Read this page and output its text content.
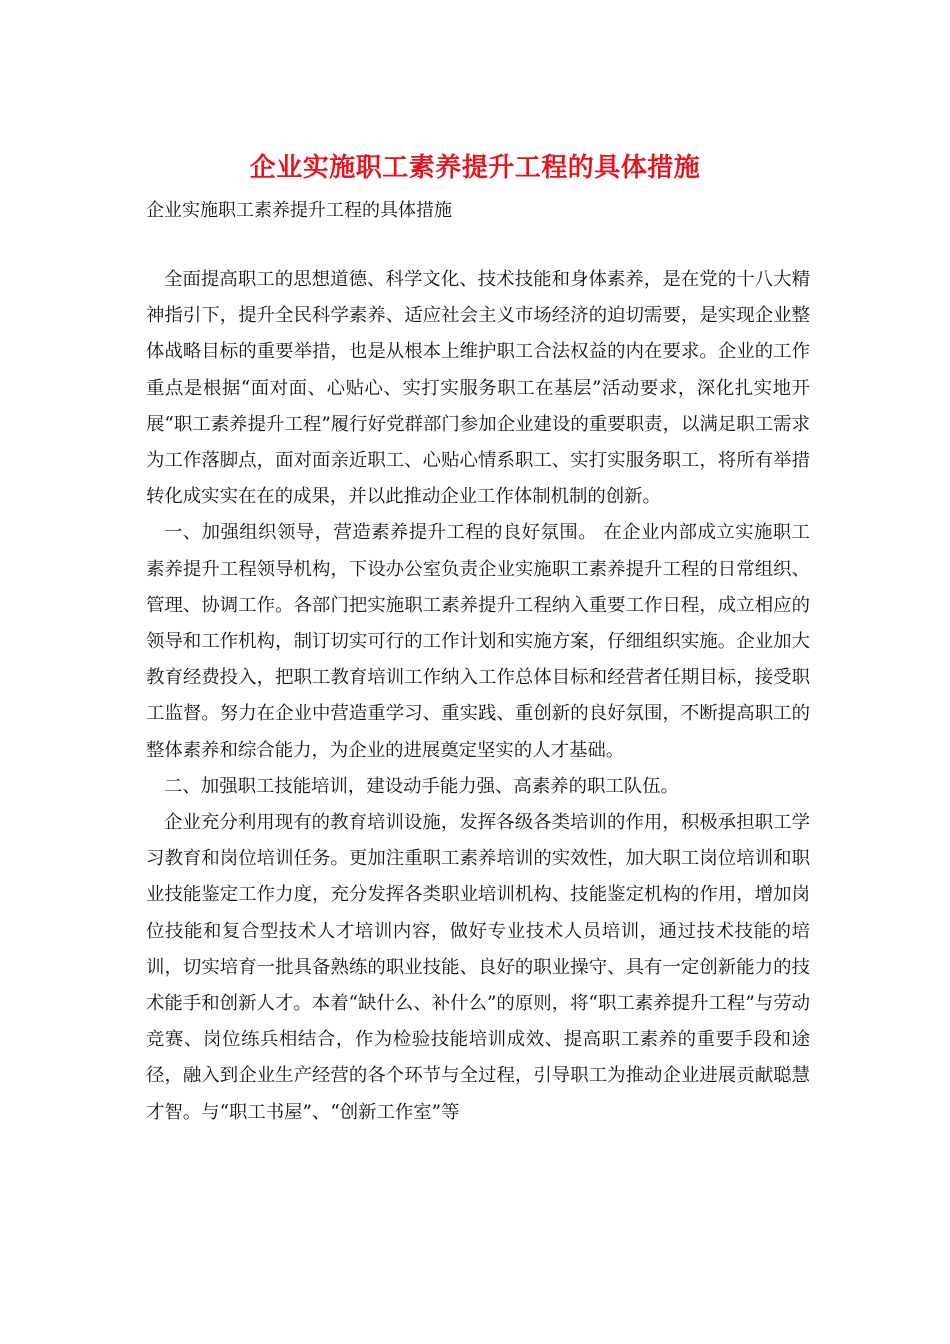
企业实施职工素养提升工程的具体措施
企业实施职工素养提升工程的具体措施

全面提高职工的思想道德、科学文化、技术技能和身体素养，是在党的十八大精神指引下，提升全民科学素养、适应社会主义市场经济的迫切需要，是实现企业整体战略目标的重要举措，也是从根本上维护职工合法权益的内在要求。企业的工作重点是根据“面对面、心贴心、实打实服务职工在基层”活动要求，深化扎实地开展“职工素养提升工程”履行好党群部门参加企业建设的重要职责，以满足职工需求为工作落脚点，面对面亲近职工、心贴心情系职工、实打实服务职工，将所有举措转化成实实在在的成果，并以此推动企业工作体制机制的创新。

一、加强组织领导，营造素养提升工程的良好氛围。 在企业内部成立实施职工素养提升工程领导机构，下设办公室负责企业实施职工素养提升工程的日常组织、管理、协调工作。各部门把实施职工素养提升工程纳入重要工作日程，成立相应的领导和工作机构，制订切实可行的工作计划和实施方案，仔细组织实施。企业加大教育经费投入，把职工教育培训工作纳入工作总体目标和经营者任期目标，接受职工监督。努力在企业中营造重学习、重实践、重创新的良好氛围，不断提高职工的整体素养和综合能力，为企业的进展奠定坚实的人才基础。

二、加强职工技能培训，建设动手能力强、高素养的职工队伍。

企业充分利用现有的教育培训设施，发挥各级各类培训的作用，积极承担职工学习教育和岗位培训任务。更加注重职工素养培训的实效性，加大职工岗位培训和职业技能鉴定工作力度，充分发挥各类职业培训机构、技能鉴定机构的作用，增加岗位技能和复合型技术人才培训内容，做好专业技术人员培训，通过技术技能的培训，切实培育一批具备熟练的职业技能、良好的职业操守、具有一定创新能力的技术能手和创新人才。本着“缺什么、补什么”的原则，将“职工素养提升工程”与劳动竞赛、岗位练兵相结合，作为检验技能培训成效、提高职工素养的重要手段和途径，融入到企业生产经营的各个环节与全过程，引导职工为推动企业进展贡献聪慧才智。与“职工书屋”、“创新工作室”等
